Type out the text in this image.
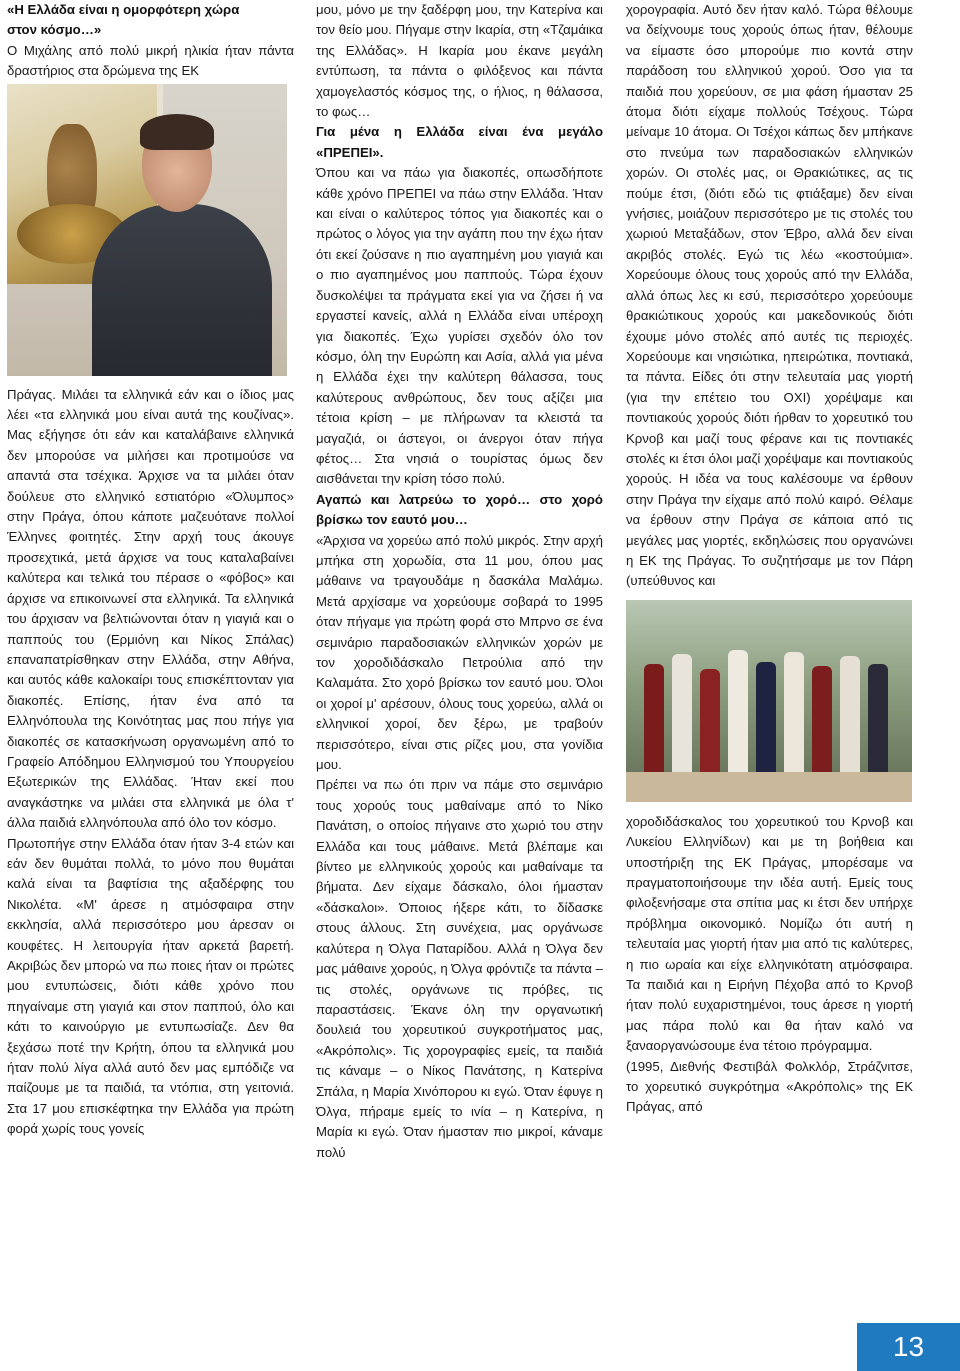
«Η Ελλάδα είναι η ομορφότερη χώρα
στον κόσμο…»

Ο Μιχάλης από πολύ μικρή ηλικία ήταν πάντα δραστήριος στα δρώμενα της ΕΚ

Πράγας. Μιλάει τα ελληνικά εάν και ο ίδιος μας λέει «τα ελληνικά μου είναι αυτά της κουζίνας». Μας εξήγησε ότι εάν και καταλάβαινε ελληνικά δεν μπορούσε να μιλήσει και προτιμούσε να απαντά στα τσέχικα. Άρχισε να τα μιλάει όταν δούλευε στο ελληνικό εστιατόριο «Όλυμπος» στην Πράγα, όπου κάποτε μαζευότανε πολλοί Έλληνες φοιτητές. Στην αρχή τους άκουγε προσεχτικά, μετά άρχισε να τους καταλαβαίνει καλύτερα και τελικά του πέρασε ο «φόβος» και άρχισε να επικοινωνεί στα ελληνικά. Τα ελληνικά του άρχισαν να βελτιώνονται όταν η γιαγιά και ο παππούς του (Ερμιόνη και Νίκος Σπάλας) επαναπατρίσθηκαν στην Ελλάδα, στην Αθήνα, και αυτός κάθε καλοκαίρι τους επισκέπτονταν για διακοπές. Επίσης, ήταν ένα από τα Ελληνόπουλα της Κοινότητας μας που πήγε για διακοπές σε κατασκήνωση οργανωμένη από το Γραφείο Απόδημου Ελληνισμού του Υπουργείου Εξωτερικών της Ελλάδας. Ήταν εκεί που αναγκάστηκε να μιλάει στα ελληνικά με όλα τ' άλλα παιδιά ελληνόπουλα από όλο τον κόσμο.

Πρωτοπήγε στην Ελλάδα όταν ήταν 3-4 ετών και εάν δεν θυμάται πολλά, το μόνο που θυμάται καλά είναι τα βαφτίσια της αξαδέρφης του Νικολέτα. «Μ' άρεσε η ατμόσφαιρα στην εκκλησία, αλλά περισσότερο μου άρεσαν οι κουφέτες. Η λειτουργία ήταν αρκετά βαρετή. Ακριβώς δεν μπορώ να πω ποιες ήταν οι πρώτες μου εντυπώσεις, διότι κάθε χρόνο που πηγαίναμε στη γιαγιά και στον παππού, όλο και κάτι το καινούργιο με εντυπωσίαζε. Δεν θα ξεχάσω ποτέ την Κρήτη, όπου τα ελληνικά μου ήταν πολύ λίγα αλλά αυτό δεν μας εμπόδιζε να παίζουμε με τα παιδιά, τα ντόπια, στη γειτονιά. Στα 17 μου επισκέφτηκα την Ελλάδα για πρώτη φορά χωρίς τους γονείς

μου, μόνο με την ξαδέρφη μου, την Κατερίνα και τον θείο μου. Πήγαμε στην Ικαρία, στη «Τζαμάικα της Ελλάδας». Η Ικαρία μου έκανε μεγάλη εντύπωση, τα πάντα ο φιλόξενος και πάντα χαμογελαστός κόσμος της, ο ήλιος, η θάλασσα, το φως…

Για μένα η Ελλάδα είναι ένα μεγάλο «ΠΡΕΠΕΙ».

Όπου και να πάω για διακοπές, οπωσδήποτε κάθε χρόνο ΠΡΕΠΕΙ να πάω στην Ελλάδα. Ήταν και είναι ο καλύτερος τόπος για διακοπές και ο πρώτος ο λόγος για την αγάπη που την έχω ήταν ότι εκεί ζούσανε η πιο αγαπημένη μου γιαγιά και ο πιο αγαπημένος μου παππούς. Τώρα έχουν δυσκολέψει τα πράγματα εκεί για να ζήσει ή να εργαστεί κανείς, αλλά η Ελλάδα είναι υπέροχη για διακοπές. Έχω γυρίσει σχεδόν όλο τον κόσμο, όλη την Ευρώπη και Ασία, αλλά για μένα η Ελλάδα έχει την καλύτερη θάλασσα, τους καλύτερους ανθρώπους, δεν τους αξίζει μια τέτοια κρίση – με πλήρωναν τα κλειστά τα μαγαζιά, οι άστεγοι, οι άνεργοι όταν πήγα φέτος… Στα νησιά ο τουρίστας όμως δεν αισθάνεται την κρίση τόσο πολύ.

Αγαπώ και λατρεύω το χορό… στο χορό βρίσκω τον εαυτό μου…

«Άρχισα να χορεύω από πολύ μικρός. Στην αρχή μπήκα στη χορωδία, στα 11 μου, όπου μας μάθαινε να τραγουδάμε η δασκάλα Μαλάμω. Μετά αρχίσαμε να χορεύουμε σοβαρά το 1995 όταν πήγαμε για πρώτη φορά στο Μπρνο σε ένα σεμινάριο παραδοσιακών ελληνικών χορών με τον χοροδιδάσκαλο Πετρούλια από την Καλαμάτα. Στο χορό βρίσκω τον εαυτό μου. Όλοι οι χοροί μ' αρέσουν, όλους τους χορεύω, αλλά οι ελληνικοί χοροί, δεν ξέρω, με τραβούν περισσότερο, είναι στις ρίζες μου, στα γονίδια μου.

Πρέπει να πω ότι πριν να πάμε στο σεμινάριο τους χορούς τους μαθαίναμε από το Νίκο Πανάτση, ο οποίος πήγαινε στο χωριό του στην Ελλάδα και τους μάθαινε. Μετά βλέπαμε και βίντεο με ελληνικούς χορούς και μαθαίναμε τα βήματα. Δεν είχαμε δάσκαλο, όλοι ήμασταν «δάσκαλοι». Όποιος ήξερε κάτι, το δίδασκε στους άλλους. Στη συνέχεια, μας οργάνωσε καλύτερα η Όλγα Παταρίδου. Αλλά η Όλγα δεν μας μάθαινε χορούς, η Όλγα φρόντιζε τα πάντα – τις στολές, οργάνωνε τις πρόβες, τις παραστάσεις. Έκανε όλη την οργανωτική δουλειά του χορευτικού συγκροτήματος μας, «Ακρόπολις». Τις χορογραφίες εμείς, τα παιδιά τις κάναμε – ο Νίκος Πανάτσης, η Κατερίνα Σπάλα, η Μαρία Χινόπορου κι εγώ. Όταν έφυγε η Όλγα, πήραμε εμείς το ιvία – η Κατερίνα, η Μαρία κι εγώ. Όταν ήμασταν πιο μικροί, κάναμε πολύ

χορογραφία. Αυτό δεν ήταν καλό. Τώρα θέλουμε να δείχνουμε τους χορούς όπως ήταν, θέλουμε να είμαστε όσο μπορούμε πιο κοντά στην παράδοση του ελληνικού χορού. Όσο για τα παιδιά που χορεύουν, σε μια φάση ήμασταν 25 άτομα διότι είχαμε πολλούς Τσέχους. Τώρα μείναμε 10 άτομα. Οι Τσέχοι κάπως δεν μπήκανε στο πνεύμα των παραδοσιακών ελληνικών χορών. Οι στολές μας, οι Θρακιώτικες, ας τις πούμε έτσι, (διότι εδώ τις φτιάξαμε) δεν είναι γνήσιες, μοιάζουν περισσότερο με τις στολές του χωριού Μεταξάδων, στον Έβρο, αλλά δεν είναι ακριβός στολές. Εγώ τις λέω «κοστούμια». Χορεύουμε όλους τους χορούς από την Ελλάδα, αλλά όπως λες κι εσύ, περισσότερο χορεύουμε θρακιώτικους χορούς και μακεδονικούς διότι έχουμε μόνο στολές από αυτές τις περιοχές. Χορεύουμε και νησιώτικα, ηπειρώτικα, ποντιακά, τα πάντα. Είδες ότι στην τελευταία μας γιορτή (για την επέτειο του ΟΧΙ) χορέψαμε και ποντιακούς χορούς διότι ήρθαν το χορευτικό του Κρνοβ και μαζί τους φέρανε και τις ποντιακές στολές κι έτσι όλοι μαζί χορέψαμε και ποντιακούς χορούς. Η ιδέα να τους καλέσουμε να έρθουν στην Πράγα την είχαμε από πολύ καιρό. Θέλαμε να έρθουν στην Πράγα σε κάποια από τις μεγάλες μας γιορτές, εκδηλώσεις που οργανώνει η ΕΚ της Πράγας. Το συζητήσαμε με τον Πάρη (υπεύθυνος και

χοροδιδάσκαλος του χορευτικού του Κρνοβ και Λυκείου Ελληνίδων) και με τη βοήθεια και υποστήριξη της ΕΚ Πράγας, μπορέσαμε να πραγματοποιήσουμε την ιδέα αυτή. Εμείς τους φιλοξενήσαμε στα σπίτια μας κι έτσι δεν υπήρχε πρόβλημα οικονομικό. Νομίζω ότι αυτή η τελευταία μας γιορτή ήταν μια από τις καλύτερες, η πιο ωραία και είχε ελληνικότατη ατμόσφαιρα. Τα παιδιά και η Ειρήνη Πέχοβα από το Κρνοβ ήταν πολύ ευχαριστημένοι, τους άρεσε η γιορτή μας πάρα πολύ και θα ήταν καλό να ξαναοργανώσουμε ένα τέτοιο πρόγραμμα.

(1995, Διεθνής Φεστιβάλ Φολκλόρ, Στράζνιτσε, το χορευτικό συγκρότημα «Ακρόπολις» της ΕΚ Πράγας, από

13
